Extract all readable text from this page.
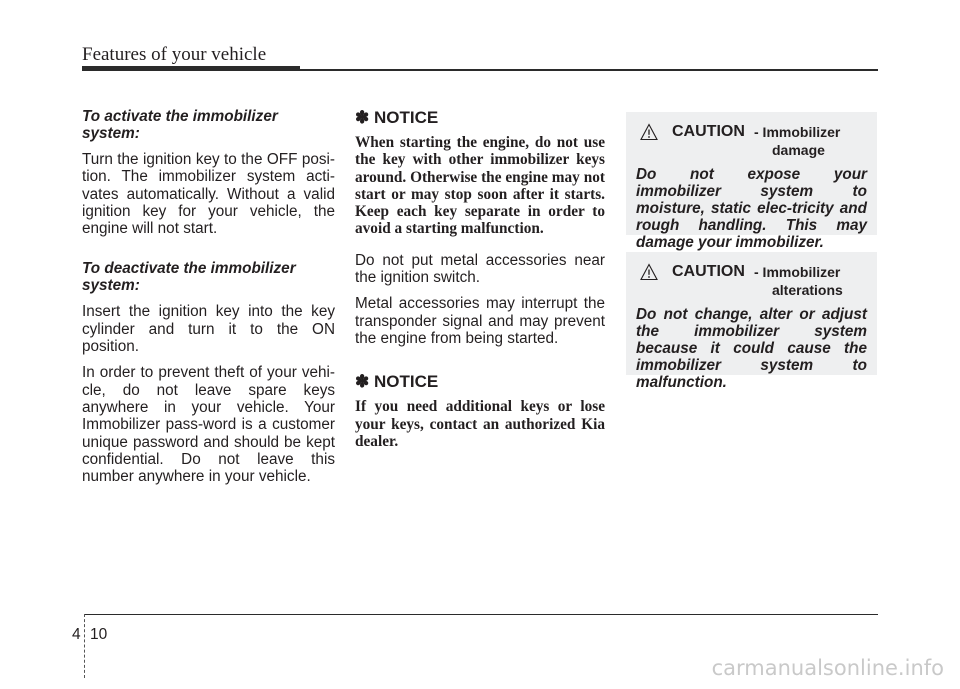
Features of your vehicle

To activate the immobilizer system:

Turn the ignition key to the OFF posi-tion. The immobilizer system acti-vates automatically. Without a valid ignition key for your vehicle, the engine will not start.

To deactivate the immobilizer system:

Insert the ignition key into the key cylinder and turn it to the ON position.

In order to prevent theft of your vehi-cle, do not leave spare keys anywhere in your vehicle. Your Immobilizer pass-word is a customer unique password and should be kept confidential. Do not leave this number anywhere in your vehicle.

✽ NOTICE

When starting the engine, do not use the key with other immobilizer keys around. Otherwise the engine may not start or may stop soon after it starts. Keep each key separate in order to avoid a starting malfunction.

Do not put metal accessories near the ignition switch.

Metal accessories may interrupt the transponder signal and may prevent the engine from being started.

✽ NOTICE

If you need additional keys or lose your keys, contact an authorized Kia dealer.

CAUTION - Immobilizer
damage

Do not expose your immobilizer system to moisture, static elec-tricity and rough handling. This may damage your immobilizer.

CAUTION - Immobilizer
alterations

Do not change, alter or adjust the immobilizer system because it could cause the immobilizer system to malfunction.

4 10
carmanualsonline.info
